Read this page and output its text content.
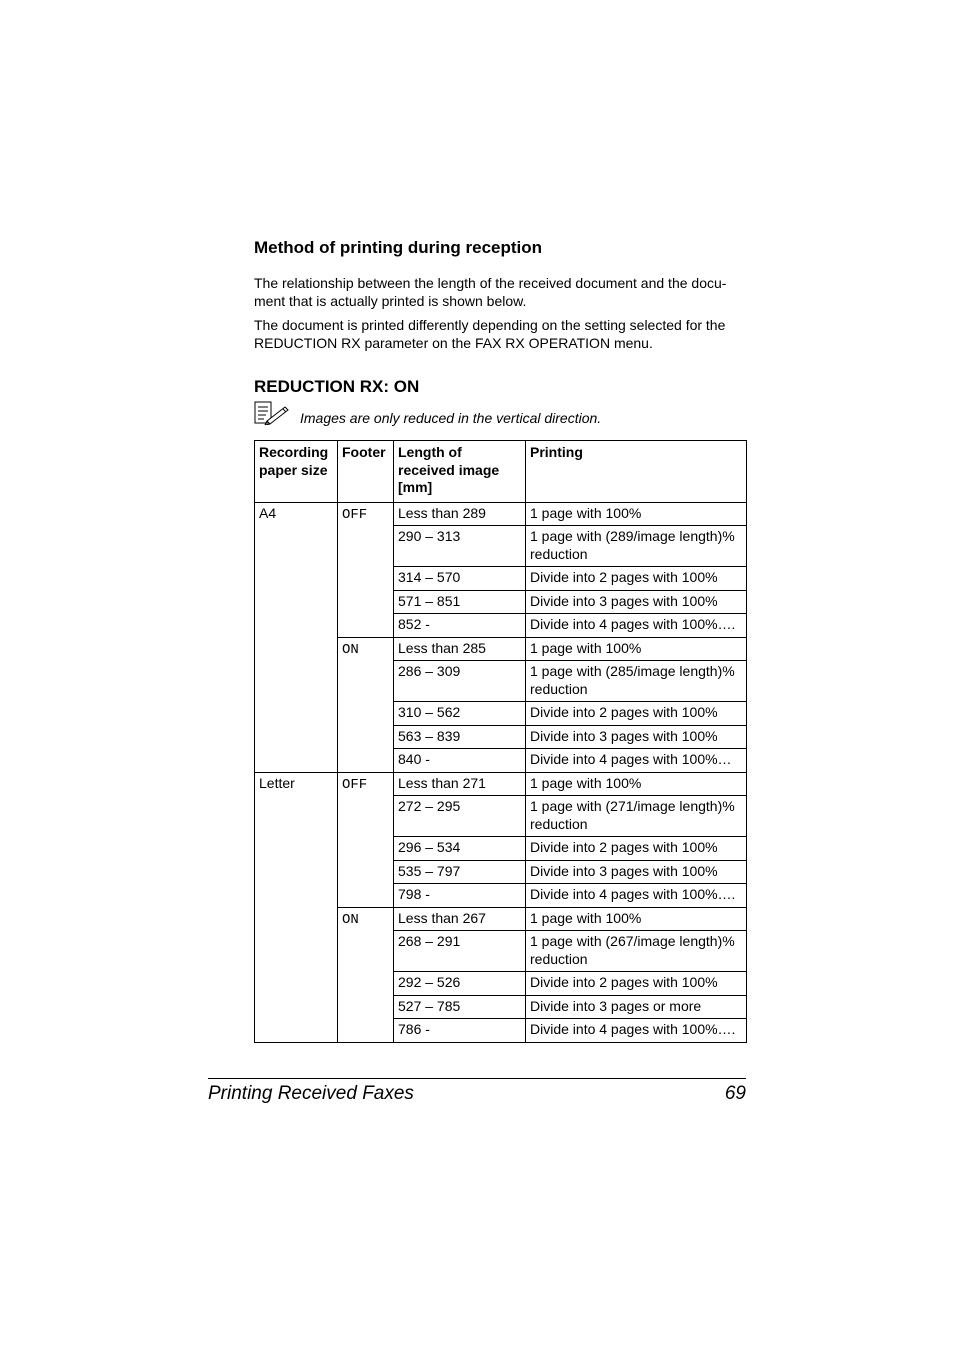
Method of printing during reception

The relationship between the length of the received document and the docu-ment that is actually printed is shown below.

The document is printed differently depending on the setting selected for the REDUCTION RX parameter on the FAX RX OPERATION menu.

REDUCTION RX: ON
Images are only reduced in the vertical direction.
Recording paper size	Footer	Length of received image [mm]	Printing
A4	OFF	Less than 289	1 page with 100%
		290 – 313	1 page with (289/image length)% reduction
		314 – 570	Divide into 2 pages with 100%
		571 – 851	Divide into 3 pages with 100%
		852 -	Divide into 4 pages with 100%….
	ON	Less than 285	1 page with 100%
		286 – 309	1 page with (285/image length)% reduction
		310 – 562	Divide into 2 pages with 100%
		563 – 839	Divide into 3 pages with 100%
		840 -	Divide into 4 pages with 100%…
Letter	OFF	Less than 271	1 page with 100%
		272 – 295	1 page with (271/image length)% reduction
		296 – 534	Divide into 2 pages with 100%
		535 – 797	Divide into 3 pages with 100%
		798 -	Divide into 4 pages with 100%….
	ON	Less than 267	1 page with 100%
		268 – 291	1 page with (267/image length)% reduction
		292 – 526	Divide into 2 pages with 100%
		527 – 785	Divide into 3 pages or more
		786 -	Divide into 4 pages with 100%….
Printing Received Faxes	69
